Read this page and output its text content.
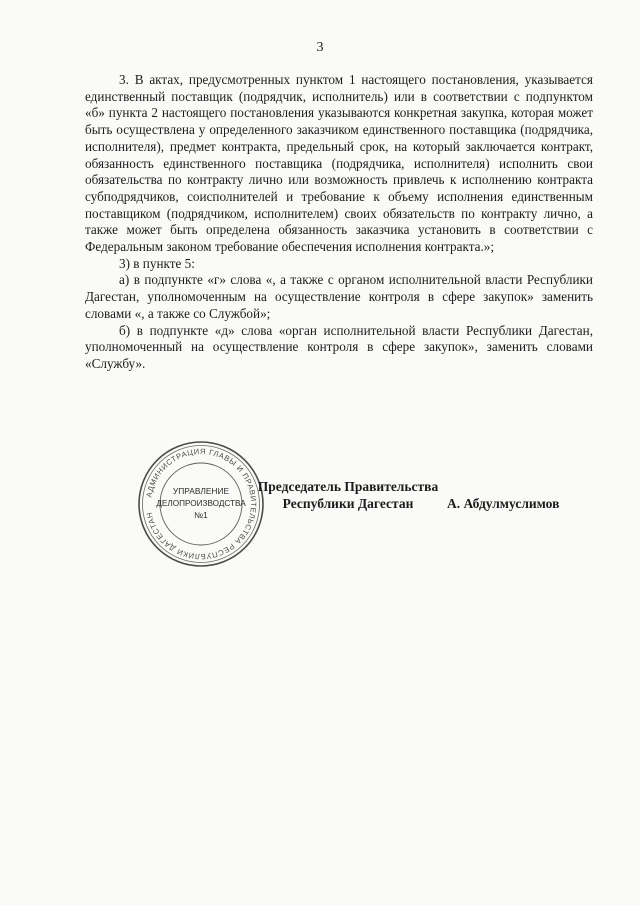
3

3. В актах, предусмотренных пунктом 1 настоящего постановления, указывается единственный поставщик (подрядчик, исполнитель) или в соответствии с подпунктом «б» пункта 2 настоящего постановления указываются конкретная закупка, которая может быть осуществлена у определенного заказчиком единственного поставщика (подрядчика, исполнителя), предмет контракта, предельный срок, на который заключается контракт, обязанность единственного поставщика (подрядчика, исполнителя) исполнить свои обязательства по контракту лично или возможность привлечь к исполнению контракта субподрядчиков, соисполнителей и требование к объему исполнения единственным поставщиком (подрядчиком, исполнителем) своих обязательств по контракту лично, а также может быть определена обязанность заказчика установить в соответствии с Федеральным законом требование обеспечения исполнения контракта.»;

3) в пункте 5:

а) в подпункте «г» слова «, а также с органом исполнительной власти Республики Дагестан, уполномоченным на осуществление контроля в сфере закупок» заменить словами «, а также со Службой»;

б) в подпункте «д» слова «орган исполнительной власти Республики Дагестан, уполномоченный на осуществление контроля в сфере закупок», заменить словами «Службу».

АДМИНИСТРАЦИЯ ГЛАВЫ И ПРАВИТЕЛЬСТВА РЕСПУБЛИКИ ДАГЕСТАН
УПРАВЛЕНИЕ
ДЕЛОПРОИЗВОДСТВА
№1
Председатель Правительства
Республики Дагестан	А. Абдулмуслимов
